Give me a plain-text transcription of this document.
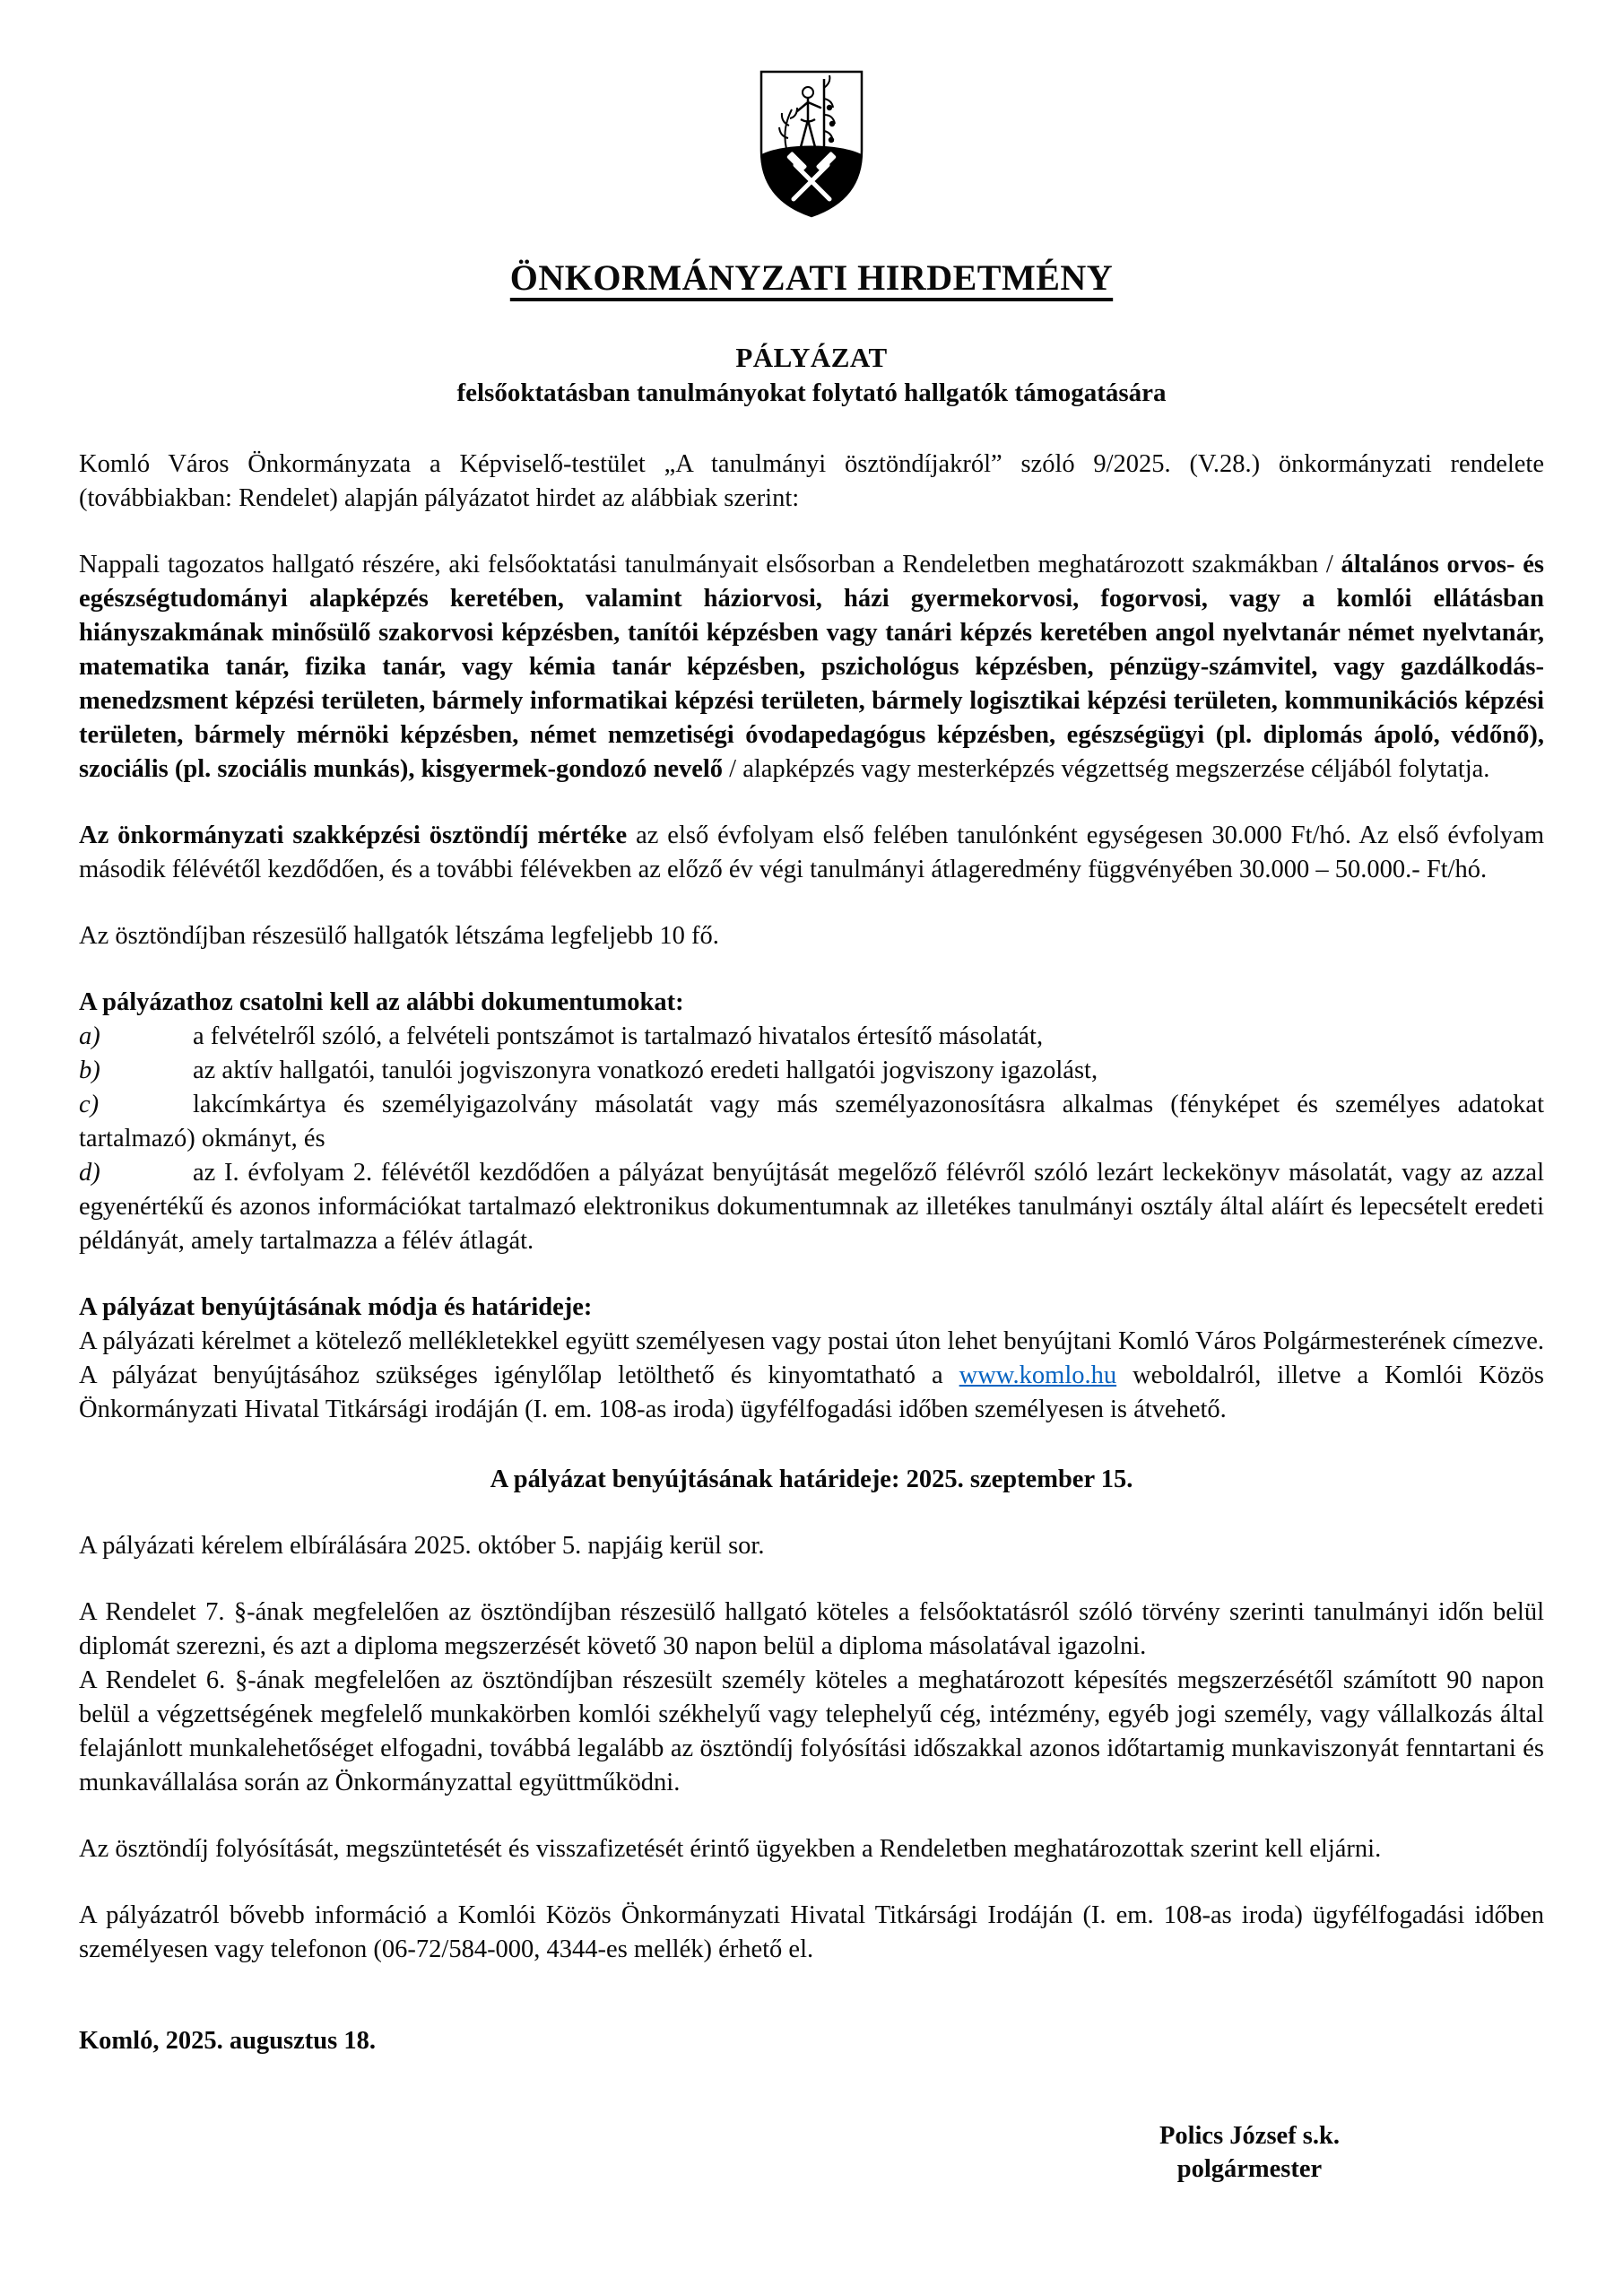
ÖNKORMÁNYZATI HIRDETMÉNY
PÁLYÁZAT
felsőoktatásban tanulmányokat folytató hallgatók támogatására

Komló Város Önkormányzata a Képviselő-testület „A tanulmányi ösztöndíjakról” szóló 9/2025. (V.28.) önkormányzati rendelete (továbbiakban: Rendelet) alapján pályázatot hirdet az alábbiak szerint:

Nappali tagozatos hallgató részére, aki felsőoktatási tanulmányait elsősorban a Rendeletben meghatározott szakmákban / általános orvos- és egészségtudományi alapképzés keretében, valamint háziorvosi, házi gyermekorvosi, fogorvosi, vagy a komlói ellátásban hiányszakmának minősülő szakorvosi képzésben, tanítói képzésben vagy tanári képzés keretében angol nyelvtanár német nyelvtanár, matematika tanár, fizika tanár, vagy kémia tanár képzésben, pszichológus képzésben, pénzügy-számvitel, vagy gazdálkodás- menedzsment képzési területen, bármely informatikai képzési területen, bármely logisztikai képzési területen, kommunikációs képzési területen, bármely mérnöki képzésben, német nemzetiségi óvodapedagógus képzésben, egészségügyi (pl. diplomás ápoló, védőnő), szociális (pl. szociális munkás), kisgyermek-gondozó nevelő / alapképzés vagy mesterképzés végzettség megszerzése céljából folytatja.

Az önkormányzati szakképzési ösztöndíj mértéke az első évfolyam első felében tanulónként egységesen 30.000 Ft/hó. Az első évfolyam második félévétől kezdődően, és a további félévekben az előző év végi tanulmányi átlageredmény függvényében 30.000 – 50.000.- Ft/hó.

Az ösztöndíjban részesülő hallgatók létszáma legfeljebb 10 fő.

A pályázathoz csatolni kell az alábbi dokumentumokat:

a)	a felvételről szóló, a felvételi pontszámot is tartalmazó hivatalos értesítő másolatát,
b)	az aktív hallgatói, tanulói jogviszonyra vonatkozó eredeti hallgatói jogviszony igazolást,
c)	lakcímkártya és személyigazolvány másolatát vagy más személyazonosításra alkalmas (fényképet és személyes adatokat tartalmazó) okmányt, és
d)	az I. évfolyam 2. félévétől kezdődően a pályázat benyújtását megelőző félévről szóló lezárt leckekönyv másolatát, vagy az azzal egyenértékű és azonos információkat tartalmazó elektronikus dokumentumnak az illetékes tanulmányi osztály által aláírt és lepecsételt eredeti példányát, amely tartalmazza a félév átlagát.

A pályázat benyújtásának módja és határideje:

A pályázati kérelmet a kötelező mellékletekkel együtt személyesen vagy postai úton lehet benyújtani Komló Város Polgármesterének címezve. A pályázat benyújtásához szükséges igénylőlap letölthető és kinyomtatható a www.komlo.hu weboldalról, illetve a Komlói Közös Önkormányzati Hivatal Titkársági irodáján (I. em. 108-as iroda) ügyfélfogadási időben személyesen is átvehető.

A pályázat benyújtásának határideje: 2025. szeptember 15.

A pályázati kérelem elbírálására 2025. október 5. napjáig kerül sor.

A Rendelet 7. §-ának megfelelően az ösztöndíjban részesülő hallgató köteles a felsőoktatásról szóló törvény szerinti tanulmányi időn belül diplomát szerezni, és azt a diploma megszerzését követő 30 napon belül a diploma másolatával igazolni.

A Rendelet 6. §-ának megfelelően az ösztöndíjban részesült személy köteles a meghatározott képesítés megszerzésétől számított 90 napon belül a végzettségének megfelelő munkakörben komlói székhelyű vagy telephelyű cég, intézmény, egyéb jogi személy, vagy vállalkozás által felajánlott munkalehetőséget elfogadni, továbbá legalább az ösztöndíj folyósítási időszakkal azonos időtartamig munkaviszonyát fenntartani és munkavállalása során az Önkormányzattal együttműködni.

Az ösztöndíj folyósítását, megszüntetését és visszafizetését érintő ügyekben a Rendeletben meghatározottak szerint kell eljárni.

A pályázatról bővebb információ a Komlói Közös Önkormányzati Hivatal Titkársági Irodáján (I. em. 108-as iroda) ügyfélfogadási időben személyesen vagy telefonon (06-72/584-000, 4344-es mellék) érhető el.

Komló, 2025. augusztus 18.
Polics József s.k.
polgármester
